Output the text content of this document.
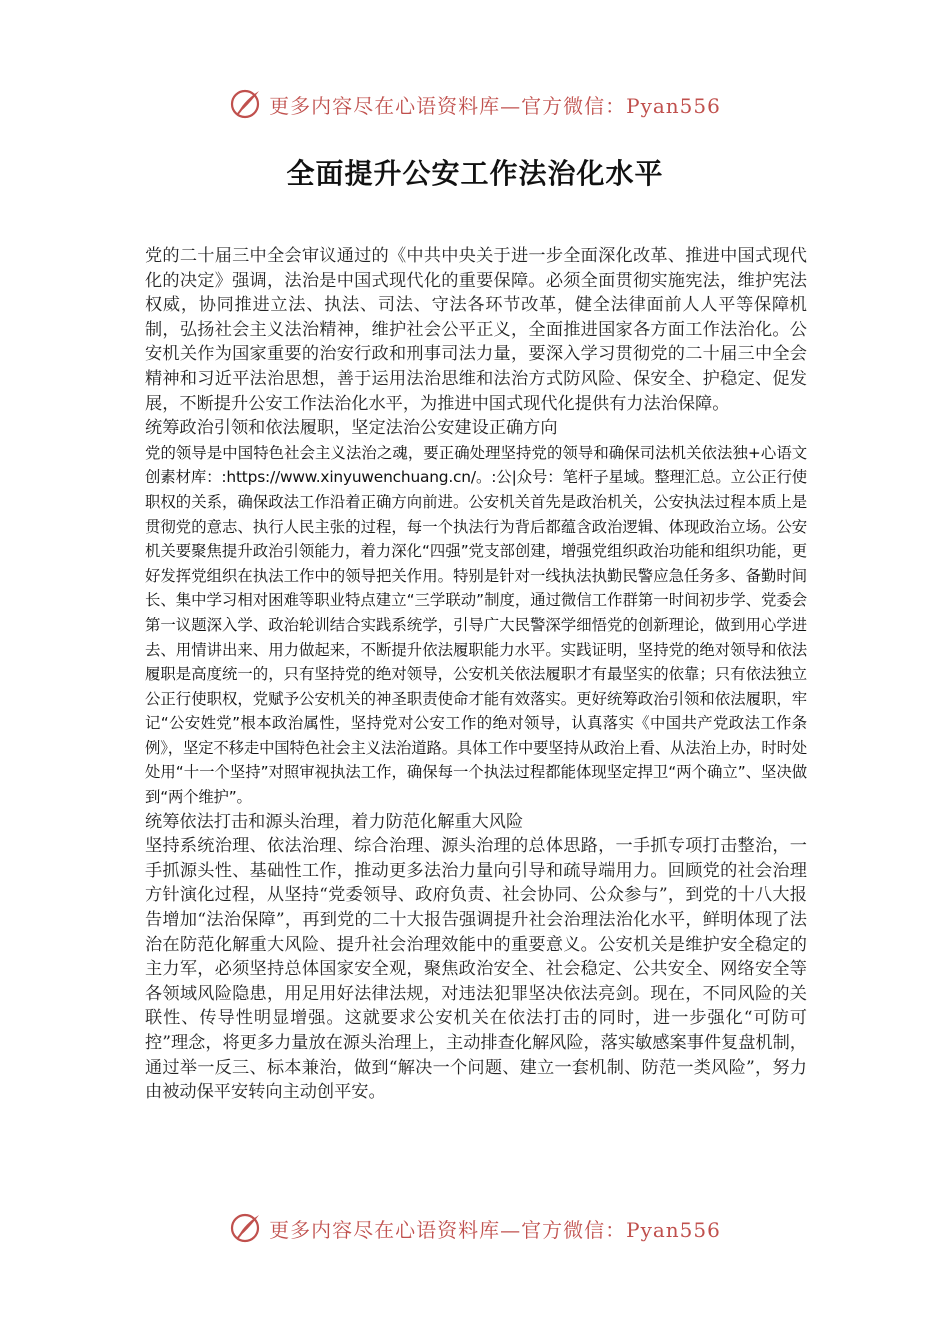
更多内容尽在心语资料库—官方微信：Pyan556
全面提升公安工作法治化水平

党的二十届三中全会审议通过的《中共中央关于进一步全面深化改革、推进中国式现代化的决定》强调，法治是中国式现代化的重要保障。必须全面贯彻实施宪法，维护宪法权威，协同推进立法、执法、司法、守法各环节改革，健全法律面前人人平等保障机制，弘扬社会主义法治精神，维护社会公平正义，全面推进国家各方面工作法治化。公安机关作为国家重要的治安行政和刑事司法力量，要深入学习贯彻党的二十届三中全会精神和习近平法治思想，善于运用法治思维和法治方式防风险、保安全、护稳定、促发展，不断提升公安工作法治化水平，为推进中国式现代化提供有力法治保障。

统筹政治引领和依法履职，坚定法治公安建设正确方向

党的领导是中国特色社会主义法治之魂，要正确处理坚持党的领导和确保司法机关依法独+心语文创素材库：:https://www.xinyuwenchuang.cn/。:公|众号：笔杆子星域。整理汇总。立公正行使职权的关系，确保政法工作沿着正确方向前进。公安机关首先是政治机关，公安执法过程本质上是贯彻党的意志、执行人民主张的过程，每一个执法行为背后都蕴含政治逻辑、体现政治立场。公安机关要聚焦提升政治引领能力，着力深化“四强”党支部创建，增强党组织政治功能和组织功能，更好发挥党组织在执法工作中的领导把关作用。特别是针对一线执法执勤民警应急任务多、备勤时间长、集中学习相对困难等职业特点建立“三学联动”制度，通过微信工作群第一时间初步学、党委会第一议题深入学、政治轮训结合实践系统学，引导广大民警深学细悟党的创新理论，做到用心学进去、用情讲出来、用力做起来，不断提升依法履职能力水平。实践证明，坚持党的绝对领导和依法履职是高度统一的，只有坚持党的绝对领导，公安机关依法履职才有最坚实的依靠；只有依法独立公正行使职权，党赋予公安机关的神圣职责使命才能有效落实。更好统筹政治引领和依法履职，牢记“公安姓党”根本政治属性，坚持党对公安工作的绝对领导，认真落实《中国共产党政法工作条例》，坚定不移走中国特色社会主义法治道路。具体工作中要坚持从政治上看、从法治上办，时时处处用“十一个坚持”对照审视执法工作，确保每一个执法过程都能体现坚定捍卫“两个确立”、坚决做到“两个维护”。

统筹依法打击和源头治理，着力防范化解重大风险

坚持系统治理、依法治理、综合治理、源头治理的总体思路，一手抓专项打击整治，一手抓源头性、基础性工作，推动更多法治力量向引导和疏导端用力。回顾党的社会治理方针演化过程，从坚持“党委领导、政府负责、社会协同、公众参与”，到党的十八大报告增加“法治保障”，再到党的二十大报告强调提升社会治理法治化水平，鲜明体现了法治在防范化解重大风险、提升社会治理效能中的重要意义。公安机关是维护安全稳定的主力军，必须坚持总体国家安全观，聚焦政治安全、社会稳定、公共安全、网络安全等各领域风险隐患，用足用好法律法规，对违法犯罪坚决依法亮剑。现在，不同风险的关联性、传导性明显增强。这就要求公安机关在依法打击的同时，进一步强化“可防可控”理念，将更多力量放在源头治理上，主动排查化解风险，落实敏感案事件复盘机制，通过举一反三、标本兼治，做到“解决一个问题、建立一套机制、防范一类风险”，努力由被动保平安转向主动创平安。

更多内容尽在心语资料库—官方微信：Pyan556
